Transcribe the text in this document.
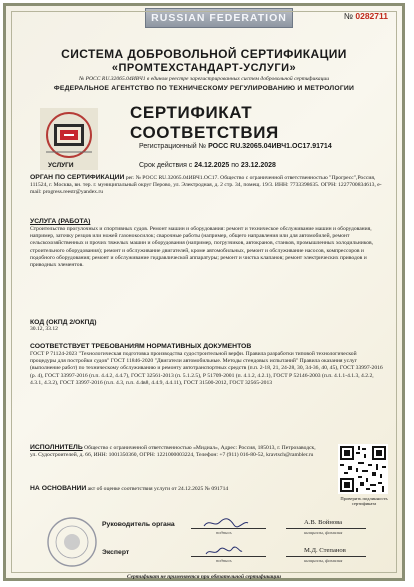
RUSSIAN FEDERATION	№ 0282711
СИСТЕМА ДОБРОВОЛЬНОЙ СЕРТИФИКАЦИИ
«ПРОМТЕХСТАНДАРТ-УСЛУГИ»
№ РОСС RU.32065.04ИВЧ1 в едином реестре зарегистрированных систем добровольной сертификации
ФЕДЕРАЛЬНОЕ АГЕНТСТВО ПО ТЕХНИЧЕСКОМУ РЕГУЛИРОВАНИЮ И МЕТРОЛОГИИ
УСЛУГИ
СЕРТИФИКАТ СООТВЕТСТВИЯ
Регистрационный № РОСС RU.32065.04ИВЧ1.ОС17.91714
Срок действия с 24.12.2025 по 23.12.2028
ОРГАН ПО СЕРТИФИКАЦИИ рег. № РОСС RU.32065.04ИВЧ1.ОС17. Общество с ограниченной ответственностью "Прогресс",Россия, 111524, г. Москва, вн. тер. г. муниципальный округ Перово, ул. Электродная, д. 2 стр. 34, помещ. 19/3. ИНН: 7733398635. ОГРН: 1227700834613, e-mail: progress.reestr@yandex.ru
УСЛУГА (РАБОТА)
Строительство прогулочных и спортивных судов. Ремонт машин и оборудования: ремонт и техническое обслуживание машин и оборудования, например, заточку резцов или ножей газонокосилок; сварочные работы (например, общего направления или для автомобилей, ремонт сельскохозяйственных и прочих тяжелых машин и оборудования (например, погрузчиков, автокранов, станков, промышленных холодильников, строительного оборудования); ремонт и обслуживание двигателей, кроме автомобильных, ремонт и обслуживание насосов, компрессоров и подобного оборудования; ремонт и обслуживание гидравлической аппаратуры; ремонт и чистка клапанов; ремонт электрических приводов и приводных элементов.
КОД (ОКПД 2/ОКПД)
30.12, 33.12
СООТВЕТСТВУЕТ ТРЕБОВАНИЯМ НОРМАТИВНЫХ ДОКУМЕНТОВ
ГОСТ Р 71124-2023 "Технологическая подготовка производства судостроительной верфи. Правила разработки типовой технологической процедуры для постройки судов" ГОСТ 11846-2020 "Двигатели автомобильные. Методы стендовых испытаний" Правила оказания услуг (выполнение работ) по техническому обслуживанию и ремонту автотранспортных средств (п.п. 2-18, 21, 24-28, 30, 34-36, 40, 45), ГОСТ 33997-2016 (р. 4), ГОСТ 33997-2016 (п.п. 4.4.2, 4.4.7), ГОСТ 32561-2013 (п. 5.1.2.5), Р 51709-2001 (п. 4.1.2, 4.2.1), ГОСТ Р 52146-2003 (п.п. 4.1.1-4.1.3, 4.2.2, 4.3.1, 4.3.2), ГОСТ 33997-2016 (п.п. 4.3, п.п. 4.4в8, 4.4.9, 4.4.11), ГОСТ 31500-2012, ГОСТ 32565-2013
ИСПОЛНИТЕЛЬ Общество с ограниченной ответственностью «Мидиал», Адрес: Россия, 185013, г. Петрозаводск, ул. Судостроителей, д. 66, ИНН: 1001350360, ОГРН: 1221000003224, Телефон: +7 (911) 016-80-52, kravtsch@rambler.ru
НА ОСНОВАНИИ акт об оценке соответствия услуги от 24.12.2025 № 091714
Проверить подлинность сертификата
Руководитель органа
подпись
А.В. Войнова
инициалы, фамилия
Эксперт
подпись
М.Д. Степанов
инициалы, фамилия
Сертификат не применяется при обязательной сертификации
